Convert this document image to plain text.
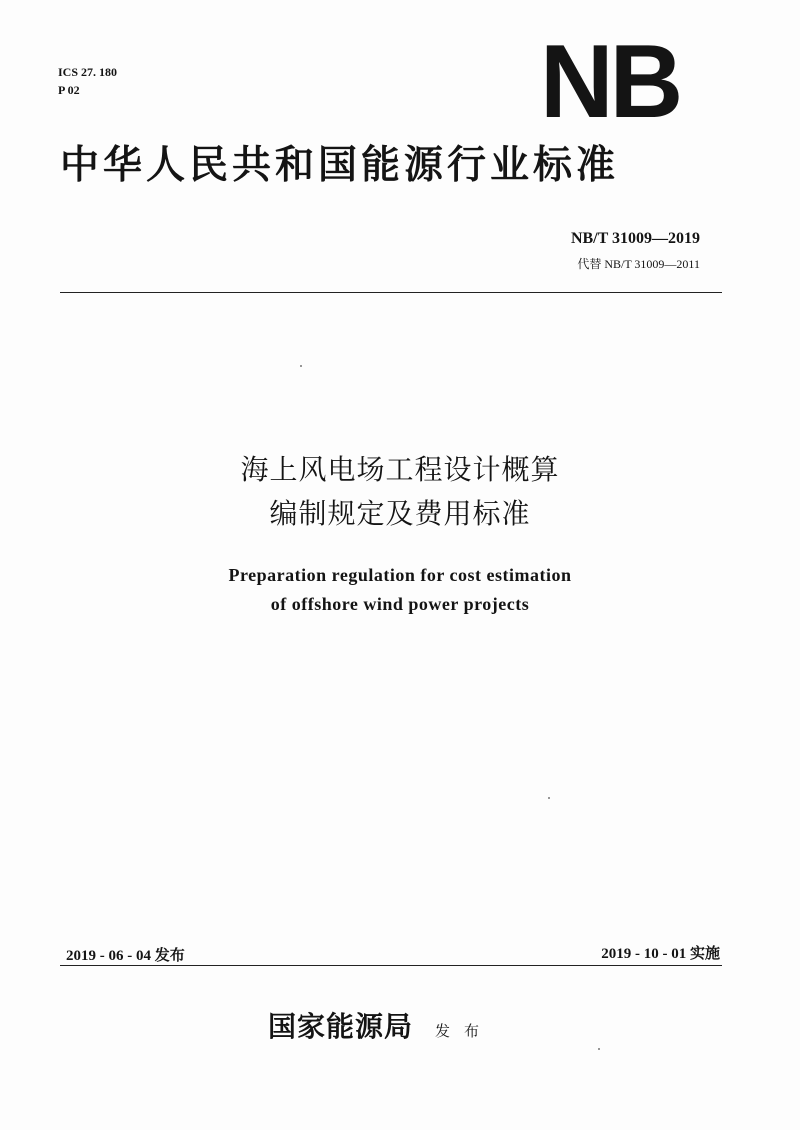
ICS 27. 180
P 02	NB
中华人民共和国能源行业标准
NB/T 31009—2019
代替 NB/T 31009—2011
海上风电场工程设计概算
编制规定及费用标准
Preparation regulation for cost estimation
of offshore wind power projects
2019 - 06 - 04 发布	2019 - 10 - 01 实施
国家能源局 发布
